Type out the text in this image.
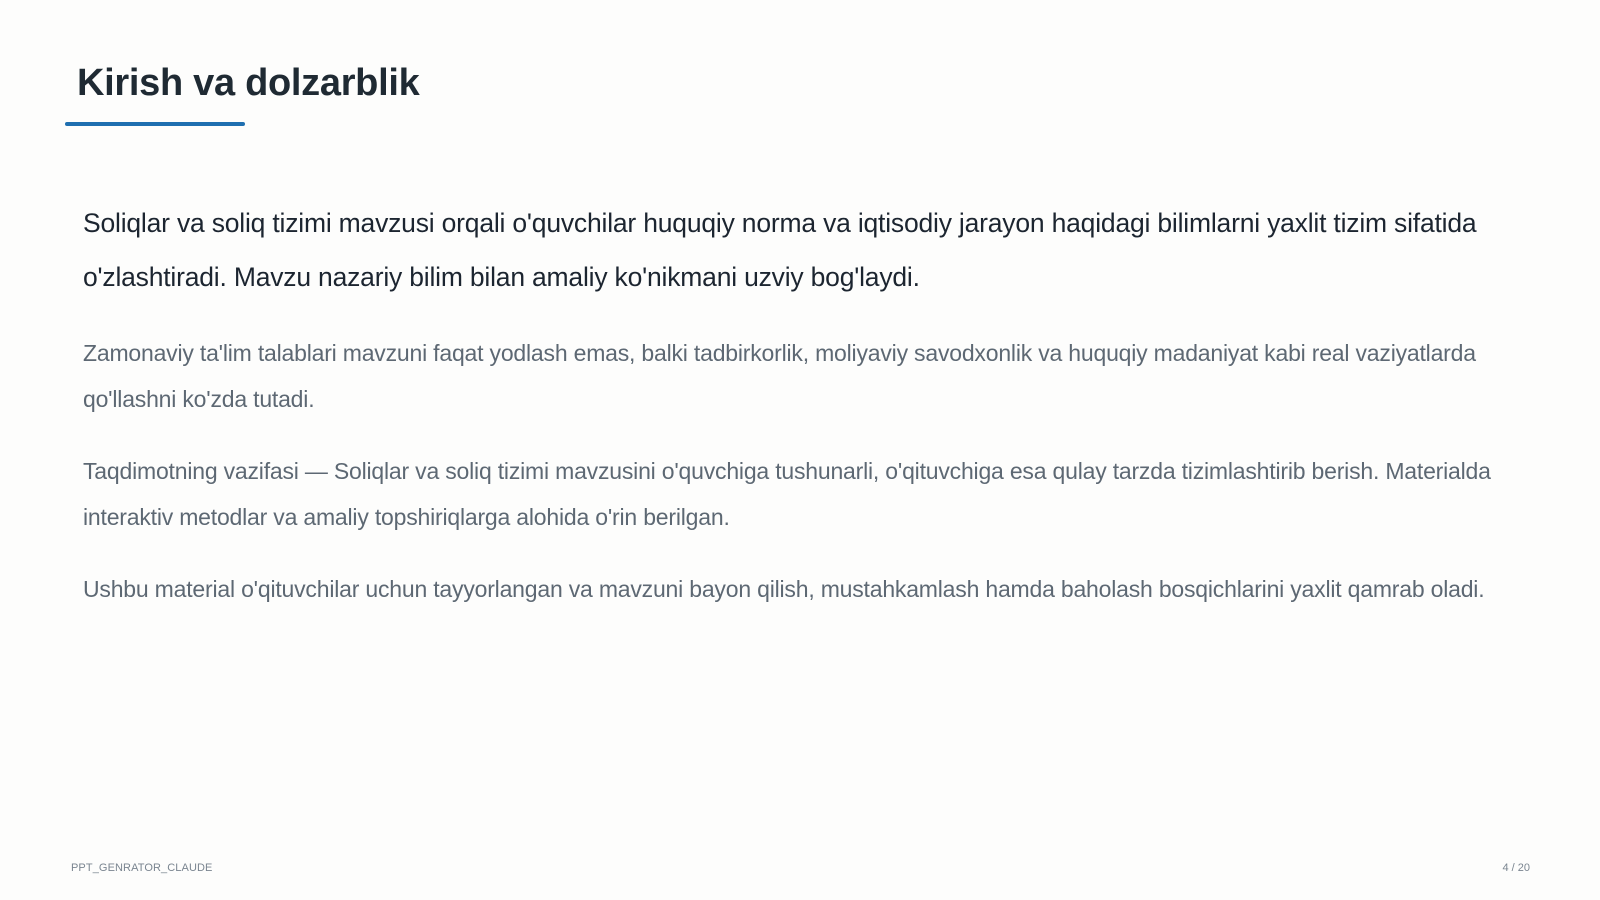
Kirish va dolzarblik

Soliqlar va soliq tizimi mavzusi orqali o'quvchilar huquqiy norma va iqtisodiy jarayon haqidagi bilimlarni yaxlit tizim sifatida o'zlashtiradi. Mavzu nazariy bilim bilan amaliy ko'nikmani uzviy bog'laydi.

Zamonaviy ta'lim talablari mavzuni faqat yodlash emas, balki tadbirkorlik, moliyaviy savodxonlik va huquqiy madaniyat kabi real vaziyatlarda qo'llashni ko'zda tutadi.

Taqdimotning vazifasi — Soliqlar va soliq tizimi mavzusini o'quvchiga tushunarli, o'qituvchiga esa qulay tarzda tizimlashtirib berish. Materialda interaktiv metodlar va amaliy topshiriqlarga alohida o'rin berilgan.

Ushbu material o'qituvchilar uchun tayyorlangan va mavzuni bayon qilish, mustahkamlash hamda baholash bosqichlarini yaxlit qamrab oladi.

PPT_GENRATOR_CLAUDE	4 / 20
